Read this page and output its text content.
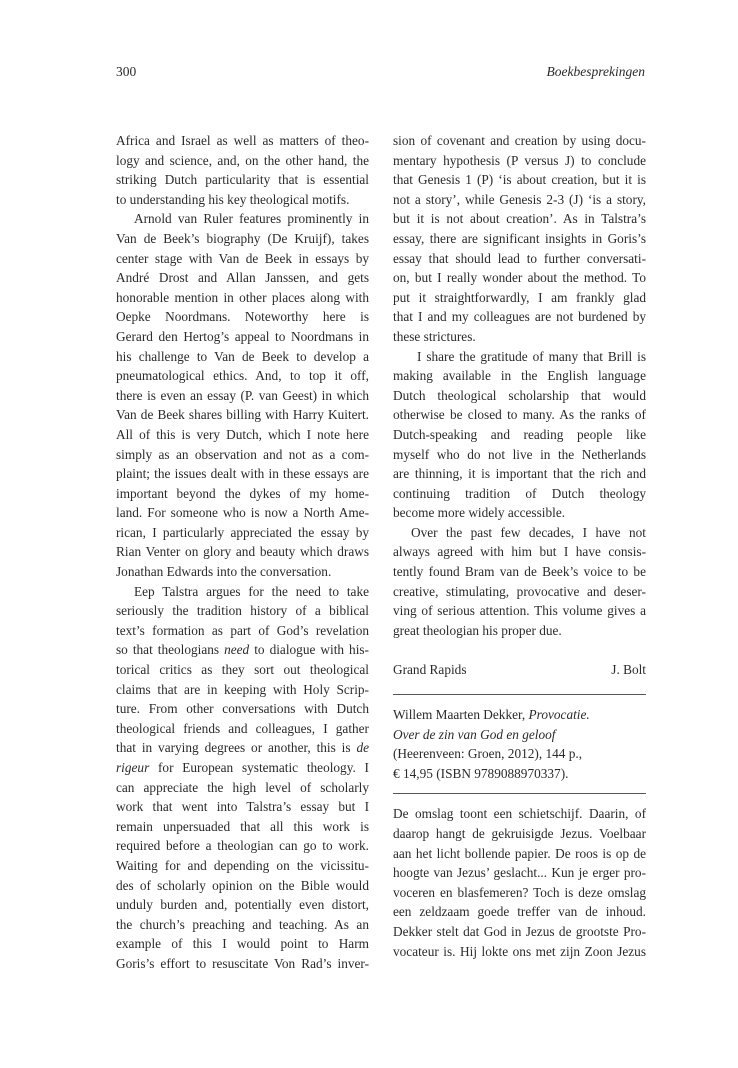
300	Boekbesprekingen
Africa and Israel as well as matters of theo-
logy and science, and, on the other hand, the
striking Dutch particularity that is essential
to understanding his key theological motifs.
Arnold van Ruler features prominently in
Van de Beek’s biography (De Kruijf), takes
center stage with Van de Beek in essays by
André Drost and Allan Janssen, and gets
honorable mention in other places along with
Oepke Noordmans. Noteworthy here is
Gerard den Hertog’s appeal to Noordmans in
his challenge to Van de Beek to develop a
pneumatological ethics. And, to top it off,
there is even an essay (P. van Geest) in which
Van de Beek shares billing with Harry Kuitert.
All of this is very Dutch, which I note here
simply as an observation and not as a com-
plaint; the issues dealt with in these essays are
important beyond the dykes of my home-
land. For someone who is now a North Ame-
rican, I particularly appreciated the essay by
Rian Venter on glory and beauty which draws
Jonathan Edwards into the conversation.
Eep Talstra argues for the need to take
seriously the tradition history of a biblical
text’s formation as part of God’s revelation
so that theologians need to dialogue with his-
torical critics as they sort out theological
claims that are in keeping with Holy Scrip-
ture. From other conversations with Dutch
theological friends and colleagues, I gather
that in varying degrees or another, this is de
rigeur for European systematic theology. I
can appreciate the high level of scholarly
work that went into Talstra’s essay but I
remain unpersuaded that all this work is
required before a theologian can go to work.
Waiting for and depending on the vicissitu-
des of scholarly opinion on the Bible would
unduly burden and, potentially even distort,
the church’s preaching and teaching. As an
example of this I would point to Harm
Goris’s effort to resuscitate Von Rad’s inver-
sion of covenant and creation by using docu-
mentary hypothesis (P versus J) to conclude
that Genesis 1 (P) ‘is about creation, but it is
not a story’, while Genesis 2-3 (J) ‘is a story,
but it is not about creation’. As in Talstra’s
essay, there are significant insights in Goris’s
essay that should lead to further conversati-
on, but I really wonder about the method. To
put it straightforwardly, I am frankly glad
that I and my colleagues are not burdened by
these strictures.
I share the gratitude of many that Brill is
making available in the English language
Dutch theological scholarship that would
otherwise be closed to many. As the ranks of
Dutch-speaking and reading people like
myself who do not live in the Netherlands
are thinning, it is important that the rich and
continuing tradition of Dutch theology
become more widely accessible.
Over the past few decades, I have not
always agreed with him but I have consis-
tently found Bram van de Beek’s voice to be
creative, stimulating, provocative and deser-
ving of serious attention. This volume gives a
great theologian his proper due.
Grand Rapids	J. Bolt
Willem Maarten Dekker, Provocatie.
Over de zin van God en geloof
(Heerenveen: Groen, 2012), 144 p.,
€ 14,95 (ISBN 9789088970337).
De omslag toont een schietschijf. Daarin, of
daarop hangt de gekruisigde Jezus. Voelbaar
aan het licht bollende papier. De roos is op de
hoogte van Jezus’ geslacht... Kun je erger pro-
voceren en blasfemeren? Toch is deze omslag
een zeldzaam goede treffer van de inhoud.
Dekker stelt dat God in Jezus de grootste Pro-
vocateur is. Hij lokte ons met zijn Zoon Jezus
